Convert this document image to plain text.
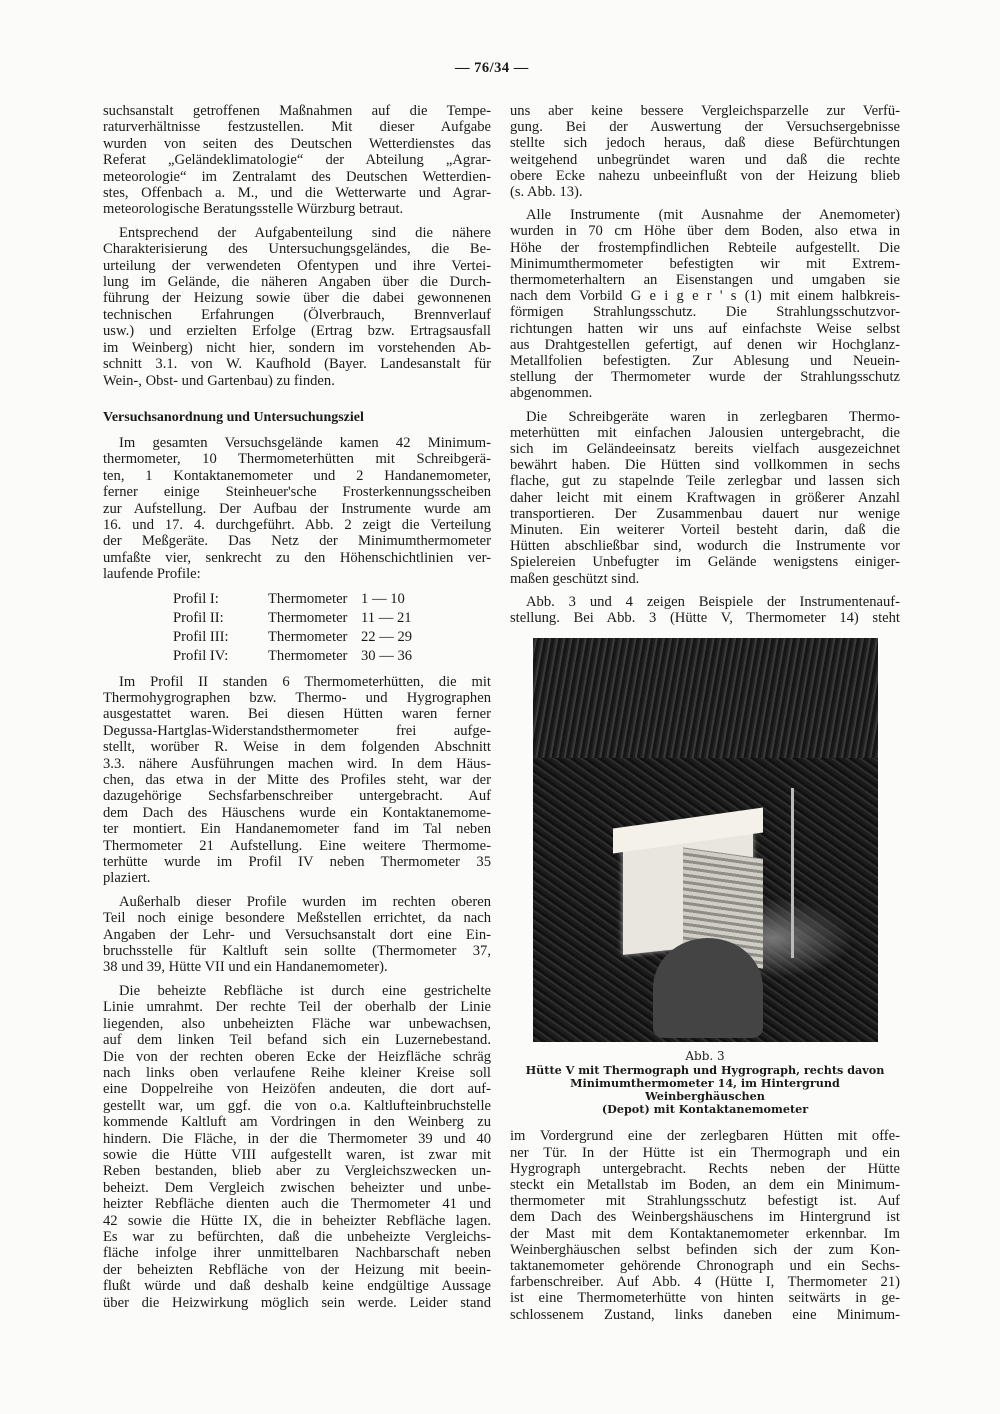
— 76/34 —
suchsanstalt getroffenen Maßnahmen auf die Tempe-
raturverhältnisse festzustellen. Mit dieser Aufgabe
wurden von seiten des Deutschen Wetterdienstes das
Referat „Geländeklimatologie“ der Abteilung „Agrar-
meteorologie“ im Zentralamt des Deutschen Wetterdien-
stes, Offenbach a. M., und die Wetterwarte und Agrar-
meteorologische Beratungsstelle Würzburg betraut.
Entsprechend der Aufgabenteilung sind die nähere
Charakterisierung des Untersuchungsgeländes, die Be-
urteilung der verwendeten Ofentypen und ihre Vertei-
lung im Gelände, die näheren Angaben über die Durch-
führung der Heizung sowie über die dabei gewonnenen
technischen Erfahrungen (Ölverbrauch, Brennverlauf
usw.) und erzielten Erfolge (Ertrag bzw. Ertragsausfall
im Weinberg) nicht hier, sondern im vorstehenden Ab-
schnitt 3.1. von W. Kaufhold (Bayer. Landesanstalt für
Wein-, Obst- und Gartenbau) zu finden.
Versuchsanordnung und Untersuchungsziel
Im gesamten Versuchsgelände kamen 42 Minimum-
thermometer, 10 Thermometerhütten mit Schreibgerä-
ten, 1 Kontaktanemometer und 2 Handanemometer,
ferner einige Steinheuer'sche Frosterkennungsscheiben
zur Aufstellung. Der Aufbau der Instrumente wurde am
16. und 17. 4. durchgeführt. Abb. 2 zeigt die Verteilung
der Meßgeräte. Das Netz der Minimumthermometer
umfaßte vier, senkrecht zu den Höhenschichtlinien ver-
laufende Profile:
Profil I:	Thermometer 1 — 10
Profil II:	Thermometer 11 — 21
Profil III:	Thermometer 22 — 29
Profil IV:	Thermometer 30 — 36
Im Profil II standen 6 Thermometerhütten, die mit
Thermohygrographen bzw. Thermo- und Hygrographen
ausgestattet waren. Bei diesen Hütten waren ferner
Degussa-Hartglas-Widerstandsthermometer frei aufge-
stellt, worüber R. Weise in dem folgenden Abschnitt
3.3. nähere Ausführungen machen wird. In dem Häus-
chen, das etwa in der Mitte des Profiles steht, war der
dazugehörige Sechsfarbenschreiber untergebracht. Auf
dem Dach des Häuschens wurde ein Kontaktanemome-
ter montiert. Ein Handanemometer fand im Tal neben
Thermometer 21 Aufstellung. Eine weitere Thermome-
terhütte wurde im Profil IV neben Thermometer 35
plaziert.
Außerhalb dieser Profile wurden im rechten oberen
Teil noch einige besondere Meßstellen errichtet, da nach
Angaben der Lehr- und Versuchsanstalt dort eine Ein-
bruchsstelle für Kaltluft sein sollte (Thermometer 37,
38 und 39, Hütte VII und ein Handanemometer).
Die beheizte Rebfläche ist durch eine gestrichelte
Linie umrahmt. Der rechte Teil der oberhalb der Linie
liegenden, also unbeheizten Fläche war unbewachsen,
auf dem linken Teil befand sich ein Luzernebestand.
Die von der rechten oberen Ecke der Heizfläche schräg
nach links oben verlaufene Reihe kleiner Kreise soll
eine Doppelreihe von Heizöfen andeuten, die dort auf-
gestellt war, um ggf. die von o.a. Kaltlufteinbruchstelle
kommende Kaltluft am Vordringen in den Weinberg zu
hindern. Die Fläche, in der die Thermometer 39 und 40
sowie die Hütte VIII aufgestellt waren, ist zwar mit
Reben bestanden, blieb aber zu Vergleichszwecken un-
beheizt. Dem Vergleich zwischen beheizter und unbe-
heizter Rebfläche dienten auch die Thermometer 41 und
42 sowie die Hütte IX, die in beheizter Rebfläche lagen.
Es war zu befürchten, daß die unbeheizte Vergleichs-
fläche infolge ihrer unmittelbaren Nachbarschaft neben
der beheizten Rebfläche von der Heizung mit beein-
flußt würde und daß deshalb keine endgültige Aussage
über die Heizwirkung möglich sein werde. Leider stand
uns aber keine bessere Vergleichsparzelle zur Verfü-
gung. Bei der Auswertung der Versuchsergebnisse
stellte sich jedoch heraus, daß diese Befürchtungen
weitgehend unbegründet waren und daß die rechte
obere Ecke nahezu unbeeinflußt von der Heizung blieb
(s. Abb. 13).
Alle Instrumente (mit Ausnahme der Anemometer)
wurden in 70 cm Höhe über dem Boden, also etwa in
Höhe der frostempfindlichen Rebteile aufgestellt. Die
Minimumthermometer befestigten wir mit Extrem-
thermometerhaltern an Eisenstangen und umgaben sie
nach dem Vorbild G e i g e r ' s (1) mit einem halbkreis-
förmigen Strahlungsschutz. Die Strahlungsschutzvor-
richtungen hatten wir uns auf einfachste Weise selbst
aus Drahtgestellen gefertigt, auf denen wir Hochglanz-
Metallfolien befestigten. Zur Ablesung und Neuein-
stellung der Thermometer wurde der Strahlungsschutz
abgenommen.
Die Schreibgeräte waren in zerlegbaren Thermo-
meterhütten mit einfachen Jalousien untergebracht, die
sich im Geländeeinsatz bereits vielfach ausgezeichnet
bewährt haben. Die Hütten sind vollkommen in sechs
flache, gut zu stapelnde Teile zerlegbar und lassen sich
daher leicht mit einem Kraftwagen in größerer Anzahl
transportieren. Der Zusammenbau dauert nur wenige
Minuten. Ein weiterer Vorteil besteht darin, daß die
Hütten abschließbar sind, wodurch die Instrumente vor
Spielereien Unbefugter im Gelände wenigstens einiger-
maßen geschützt sind.
Abb. 3 und 4 zeigen Beispiele der Instrumentenauf-
stellung. Bei Abb. 3 (Hütte V, Thermometer 14) steht
Abb. 3
Hütte V mit Thermograph und Hygrograph, rechts davon
Minimumthermometer 14, im Hintergrund Weinberghäuschen
(Depot) mit Kontaktanemometer
im Vordergrund eine der zerlegbaren Hütten mit offe-
ner Tür. In der Hütte ist ein Thermograph und ein
Hygrograph untergebracht. Rechts neben der Hütte
steckt ein Metallstab im Boden, an dem ein Minimum-
thermometer mit Strahlungsschutz befestigt ist. Auf
dem Dach des Weinbergshäuschens im Hintergrund ist
der Mast mit dem Kontaktanemometer erkennbar. Im
Weinberghäuschen selbst befinden sich der zum Kon-
taktanemometer gehörende Chronograph und ein Sechs-
farbenschreiber. Auf Abb. 4 (Hütte I, Thermometer 21)
ist eine Thermometerhütte von hinten seitwärts in ge-
schlossenem Zustand, links daneben eine Minimum-
